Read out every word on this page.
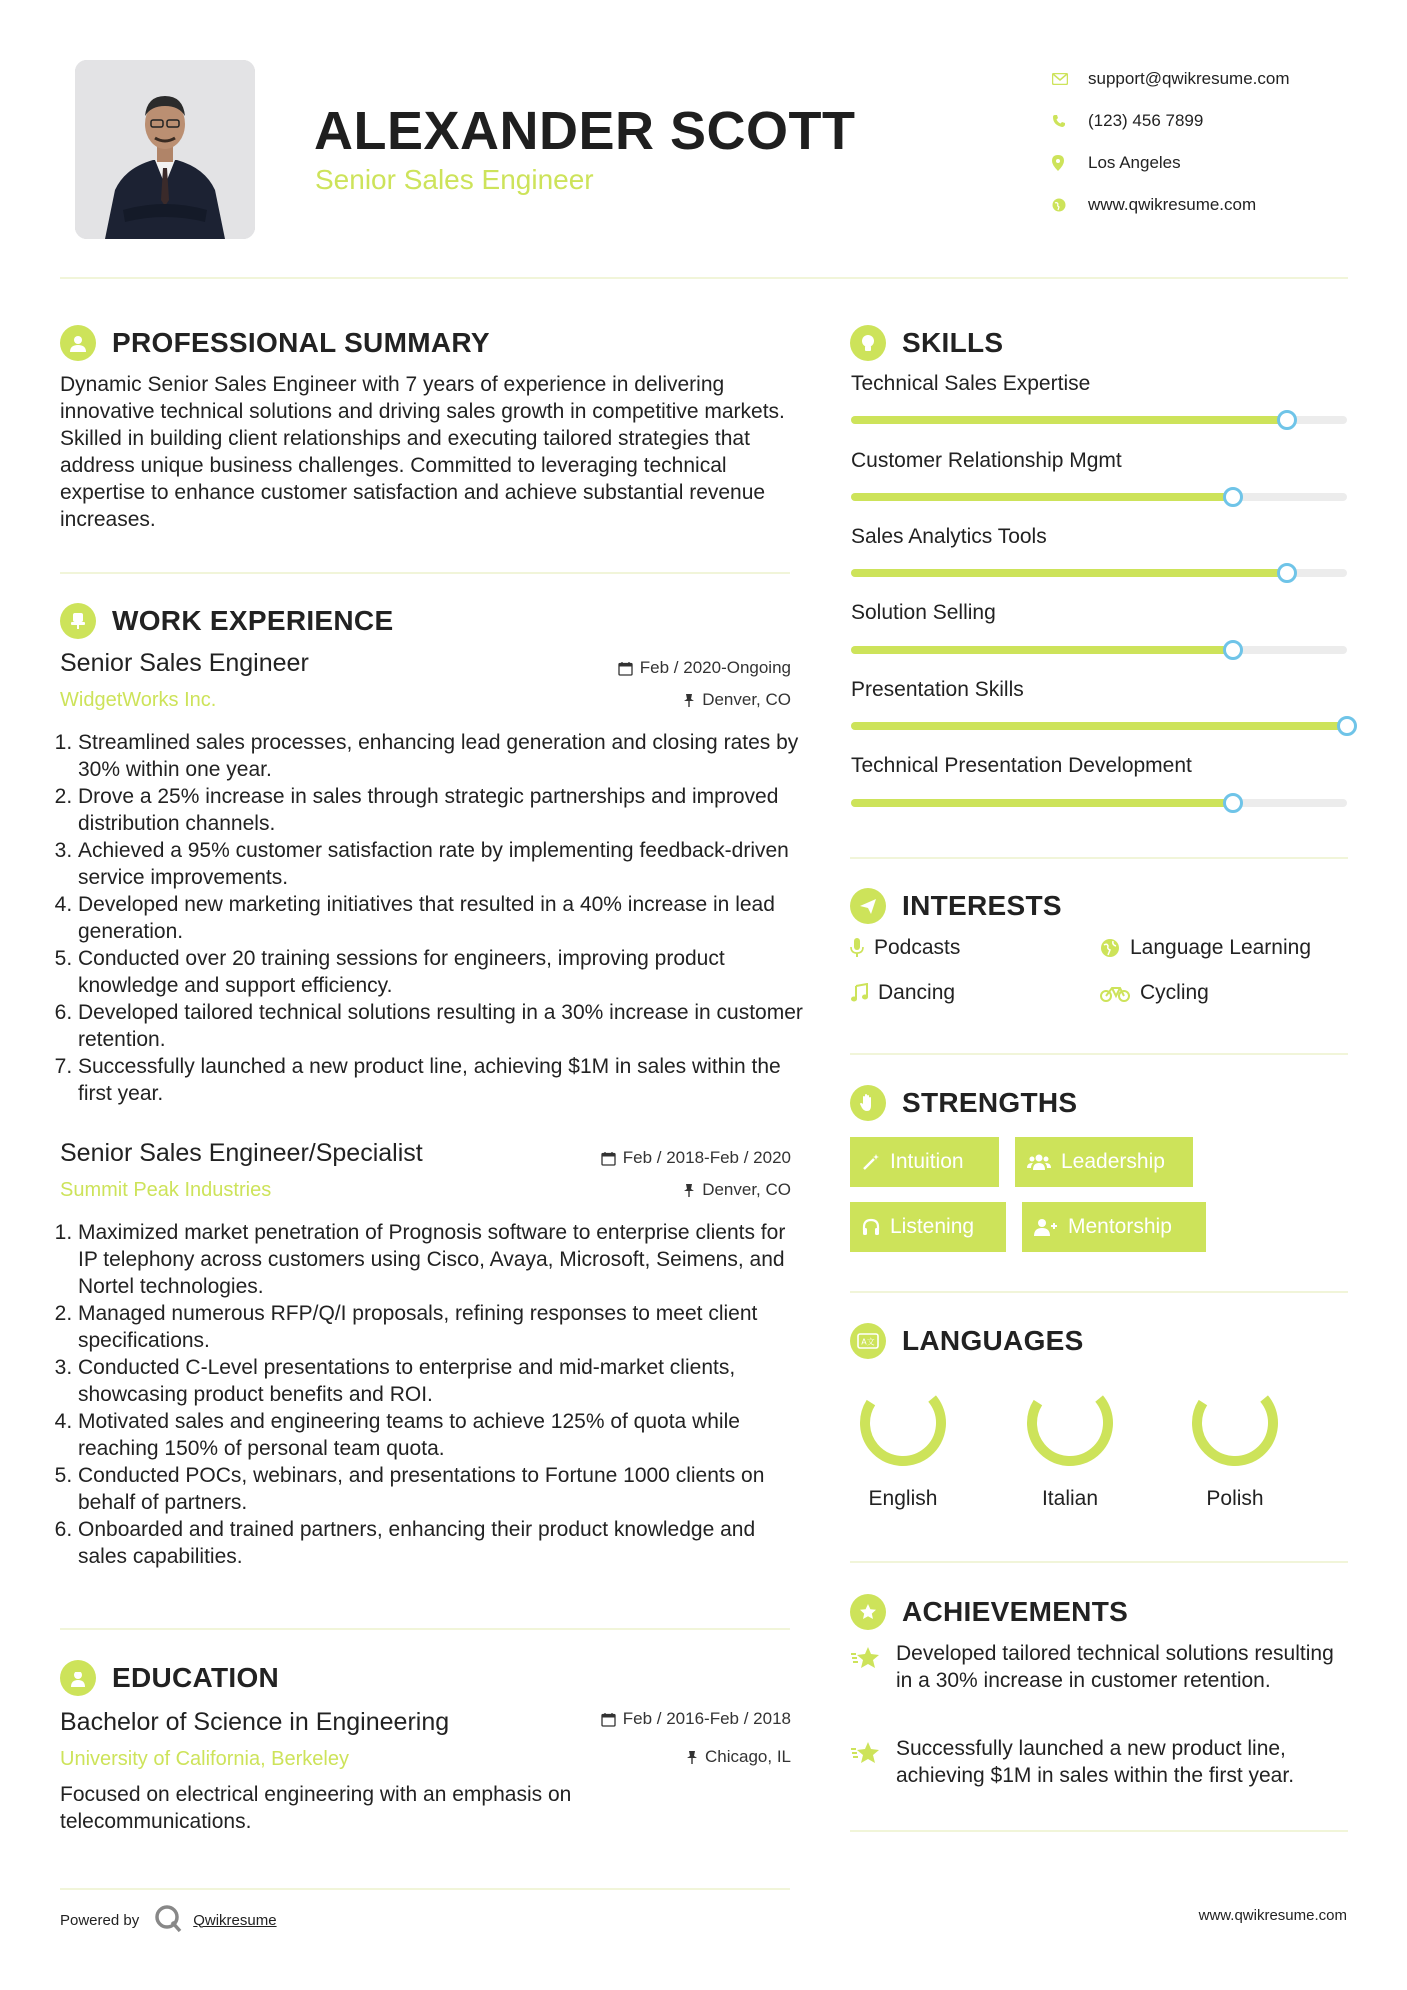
ALEXANDER SCOTT
Senior Sales Engineer
support@qwikresume.com
(123) 456 7899
Los Angeles
www.qwikresume.com
PROFESSIONAL SUMMARY
Dynamic Senior Sales Engineer with 7 years of experience in delivering innovative technical solutions and driving sales growth in competitive markets. Skilled in building client relationships and executing tailored strategies that address unique business challenges. Committed to leveraging technical expertise to enhance customer satisfaction and achieve substantial revenue increases.
WORK EXPERIENCE
Senior Sales Engineer
WidgetWorks Inc.
Feb / 2020-Ongoing
Denver, CO
1. Streamlined sales processes, enhancing lead generation and closing rates by 30% within one year.
2. Drove a 25% increase in sales through strategic partnerships and improved distribution channels.
3. Achieved a 95% customer satisfaction rate by implementing feedback-driven service improvements.
4. Developed new marketing initiatives that resulted in a 40% increase in lead generation.
5. Conducted over 20 training sessions for engineers, improving product knowledge and support efficiency.
6. Developed tailored technical solutions resulting in a 30% increase in customer retention.
7. Successfully launched a new product line, achieving $1M in sales within the first year.
Senior Sales Engineer/Specialist
Summit Peak Industries
Feb / 2018-Feb / 2020
Denver, CO
1. Maximized market penetration of Prognosis software to enterprise clients for IP telephony across customers using Cisco, Avaya, Microsoft, Seimens, and Nortel technologies.
2. Managed numerous RFP/Q/I proposals, refining responses to meet client specifications.
3. Conducted C-Level presentations to enterprise and mid-market clients, showcasing product benefits and ROI.
4. Motivated sales and engineering teams to achieve 125% of quota while reaching 150% of personal team quota.
5. Conducted POCs, webinars, and presentations to Fortune 1000 clients on behalf of partners.
6. Onboarded and trained partners, enhancing their product knowledge and sales capabilities.
EDUCATION
Bachelor of Science in Engineering
University of California, Berkeley
Feb / 2016-Feb / 2018
Chicago, IL
Focused on electrical engineering with an emphasis on telecommunications.
SKILLS
Technical Sales Expertise
Customer Relationship Mgmt
Sales Analytics Tools
Solution Selling
Presentation Skills
Technical Presentation Development
INTERESTS
Podcasts	Language Learning
Dancing	Cycling
STRENGTHS
Intuition	Leadership
Listening	Mentorship
A文 LANGUAGES
English	Italian	Polish
ACHIEVEMENTS
Developed tailored technical solutions resulting in a 30% increase in customer retention.
Successfully launched a new product line, achieving $1M in sales within the first year.
Powered by	Qwikresume	www.qwikresume.com
